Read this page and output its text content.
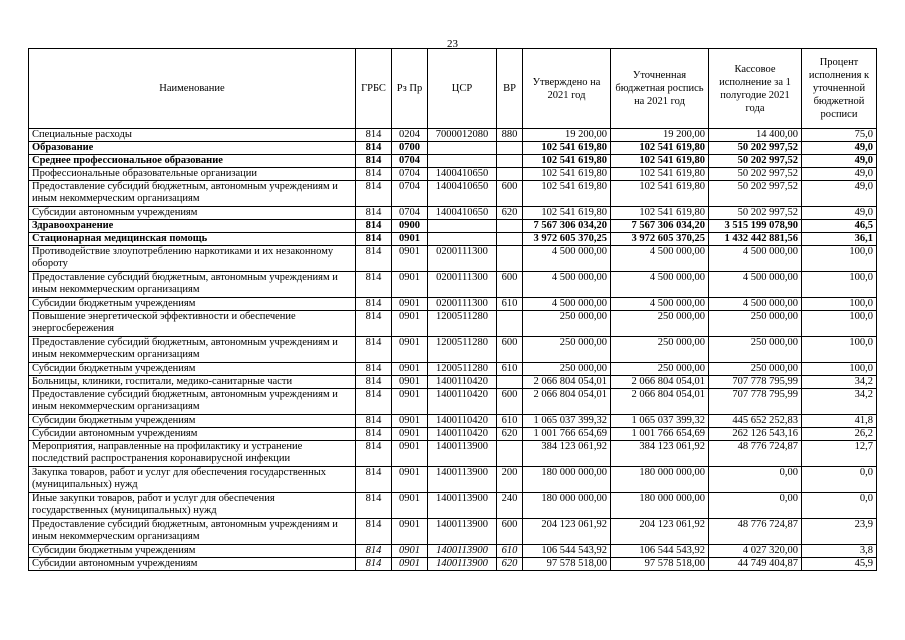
23
Наименование	ГРБС	Рз Пр	ЦСР	ВР	Утверждено на 2021 год	Уточненная бюджетная роспись на 2021 год	Кассовое исполнение за 1 полугодие 2021 года	Процент исполнения к уточненной бюджетной росписи
Специальные расходы	814	0204	7000012080	880	19 200,00	19 200,00	14 400,00	75,0
Образование	814	0700			102 541 619,80	102 541 619,80	50 202 997,52	49,0
Среднее профессиональное образование	814	0704			102 541 619,80	102 541 619,80	50 202 997,52	49,0
Профессиональные образовательные организации	814	0704	1400410650		102 541 619,80	102 541 619,80	50 202 997,52	49,0
Предоставление субсидий бюджетным, автономным учреждениям и иным некоммерческим организациям	814	0704	1400410650	600	102 541 619,80	102 541 619,80	50 202 997,52	49,0
Субсидии автономным учреждениям	814	0704	1400410650	620	102 541 619,80	102 541 619,80	50 202 997,52	49,0
Здравоохранение	814	0900			7 567 306 034,20	7 567 306 034,20	3 515 199 078,90	46,5
Стационарная медицинская помощь	814	0901			3 972 605 370,25	3 972 605 370,25	1 432 442 881,56	36,1
Противодействие злоупотреблению наркотиками и их незаконному обороту	814	0901	0200111300		4 500 000,00	4 500 000,00	4 500 000,00	100,0
Предоставление субсидий бюджетным, автономным учреждениям и иным некоммерческим организациям	814	0901	0200111300	600	4 500 000,00	4 500 000,00	4 500 000,00	100,0
Субсидии бюджетным учреждениям	814	0901	0200111300	610	4 500 000,00	4 500 000,00	4 500 000,00	100,0
Повышение энергетической эффективности и обеспечение энергосбережения	814	0901	1200511280		250 000,00	250 000,00	250 000,00	100,0
Предоставление субсидий бюджетным, автономным учреждениям и иным некоммерческим организациям	814	0901	1200511280	600	250 000,00	250 000,00	250 000,00	100,0
Субсидии бюджетным учреждениям	814	0901	1200511280	610	250 000,00	250 000,00	250 000,00	100,0
Больницы, клиники, госпитали, медико-санитарные части	814	0901	1400110420		2 066 804 054,01	2 066 804 054,01	707 778 795,99	34,2
Предоставление субсидий бюджетным, автономным учреждениям и иным некоммерческим организациям	814	0901	1400110420	600	2 066 804 054,01	2 066 804 054,01	707 778 795,99	34,2
Субсидии бюджетным учреждениям	814	0901	1400110420	610	1 065 037 399,32	1 065 037 399,32	445 652 252,83	41,8
Субсидии автономным учреждениям	814	0901	1400110420	620	1 001 766 654,69	1 001 766 654,69	262 126 543,16	26,2
Мероприятия, направленные на профилактику и устранение последствий распространения коронавирусной инфекции	814	0901	1400113900		384 123 061,92	384 123 061,92	48 776 724,87	12,7
Закупка товаров, работ и услуг для обеспечения государственных (муниципальных) нужд	814	0901	1400113900	200	180 000 000,00	180 000 000,00	0,00	0,0
Иные закупки товаров, работ и услуг для обеспечения государственных (муниципальных) нужд	814	0901	1400113900	240	180 000 000,00	180 000 000,00	0,00	0,0
Предоставление субсидий бюджетным, автономным учреждениям и иным некоммерческим организациям	814	0901	1400113900	600	204 123 061,92	204 123 061,92	48 776 724,87	23,9
Субсидии бюджетным учреждениям	814	0901	1400113900	610	106 544 543,92	106 544 543,92	4 027 320,00	3,8
Субсидии автономным учреждениям	814	0901	1400113900	620	97 578 518,00	97 578 518,00	44 749 404,87	45,9
